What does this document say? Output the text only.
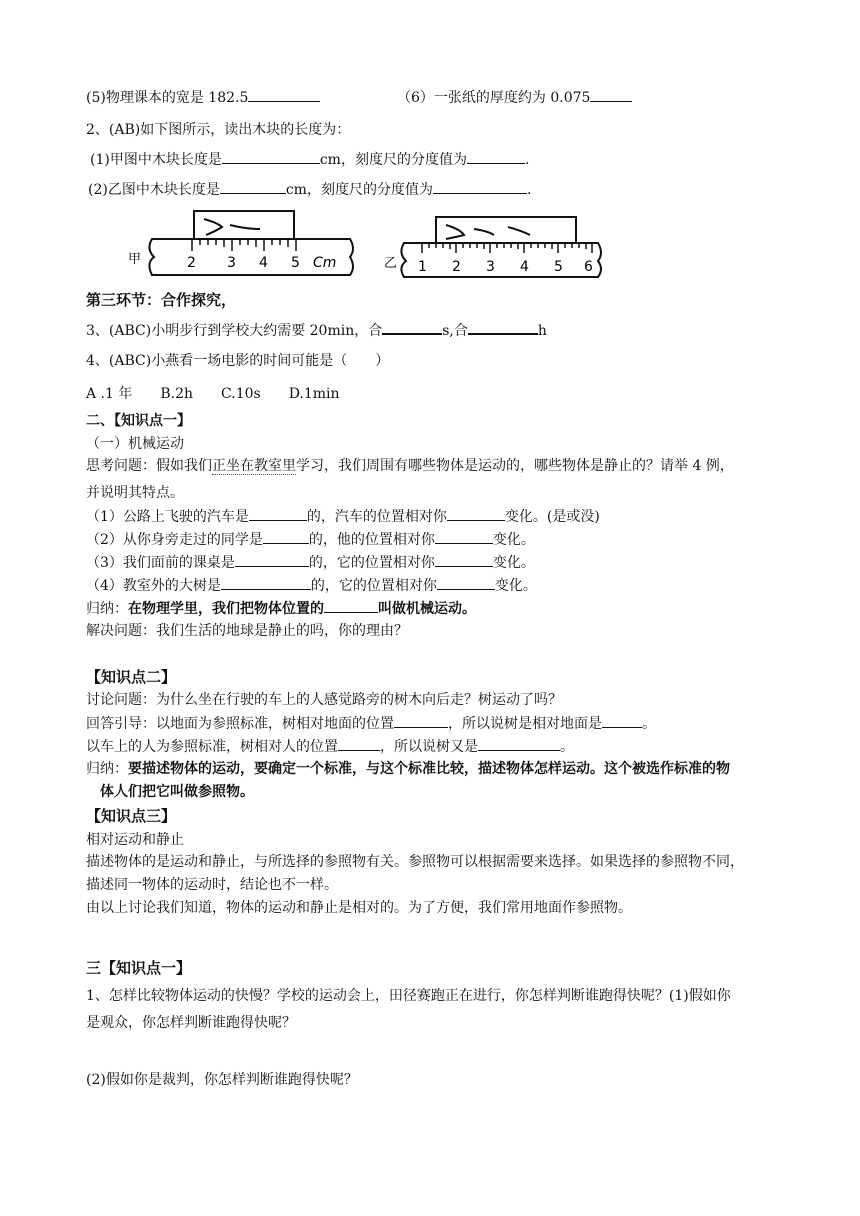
(5)物理课本的宽是 182.5	（6）一张纸的厚度约为 0.075
2、(AB)如下图所示，读出木块的长度为：
(1)甲图中木块长度是	cm，刻度尺的分度值为	.
(2)乙图中木块长度是	cm，刻度尺的分度值为	.
甲	2 3 4 5 Cm	乙 1 2 3 4 5 6
第三环节：合作探究，
3、(ABC)小明步行到学校大约需要 20min，合	s,合	h
4、(ABC)小燕看一场电影的时间可能是（　　）
A .1 年　　B.2h　　C.10s　　D.1min
二、【知识点一】
（一）机械运动
思考问题：假如我们正坐在教室里学习，我们周围有哪些物体是运动的，哪些物体是静止的？请举 4 例，
并说明其特点。
（1）公路上飞驶的汽车是	的，汽车的位置相对你	变化。(是或没)
（2）从你身旁走过的同学是	的，他的位置相对你	变化。
（3）我们面前的课桌是	的，它的位置相对你	变化。
（4）教室外的大树是	的，它的位置相对你	变化。
归纳：在物理学里，我们把物体位置的	叫做机械运动。
解决问题：我们生活的地球是静止的吗，你的理由？
【知识点二】
讨论问题：为什么坐在行驶的车上的人感觉路旁的树木向后走？树运动了吗？
回答引导：以地面为参照标准，树相对地面的位置	，所以说树是相对地面是	。
以车上的人为参照标准，树相对人的位置	，所以说树又是	。
归纳：要描述物体的运动，要确定一个标准，与这个标准比较，描述物体怎样运动。这个被选作标准的物
体人们把它叫做参照物。
【知识点三】
相对运动和静止
描述物体的是运动和静止，与所选择的参照物有关。参照物可以根据需要来选择。如果选择的参照物不同，
描述同一物体的运动时，结论也不一样。
由以上讨论我们知道，物体的运动和静止是相对的。为了方便，我们常用地面作参照物。
三【知识点一】
1、怎样比较物体运动的快慢？学校的运动会上，田径赛跑正在进行，你怎样判断谁跑得快呢？(1)假如你
是观众，你怎样判断谁跑得快呢？
(2)假如你是裁判，你怎样判断谁跑得快呢？
